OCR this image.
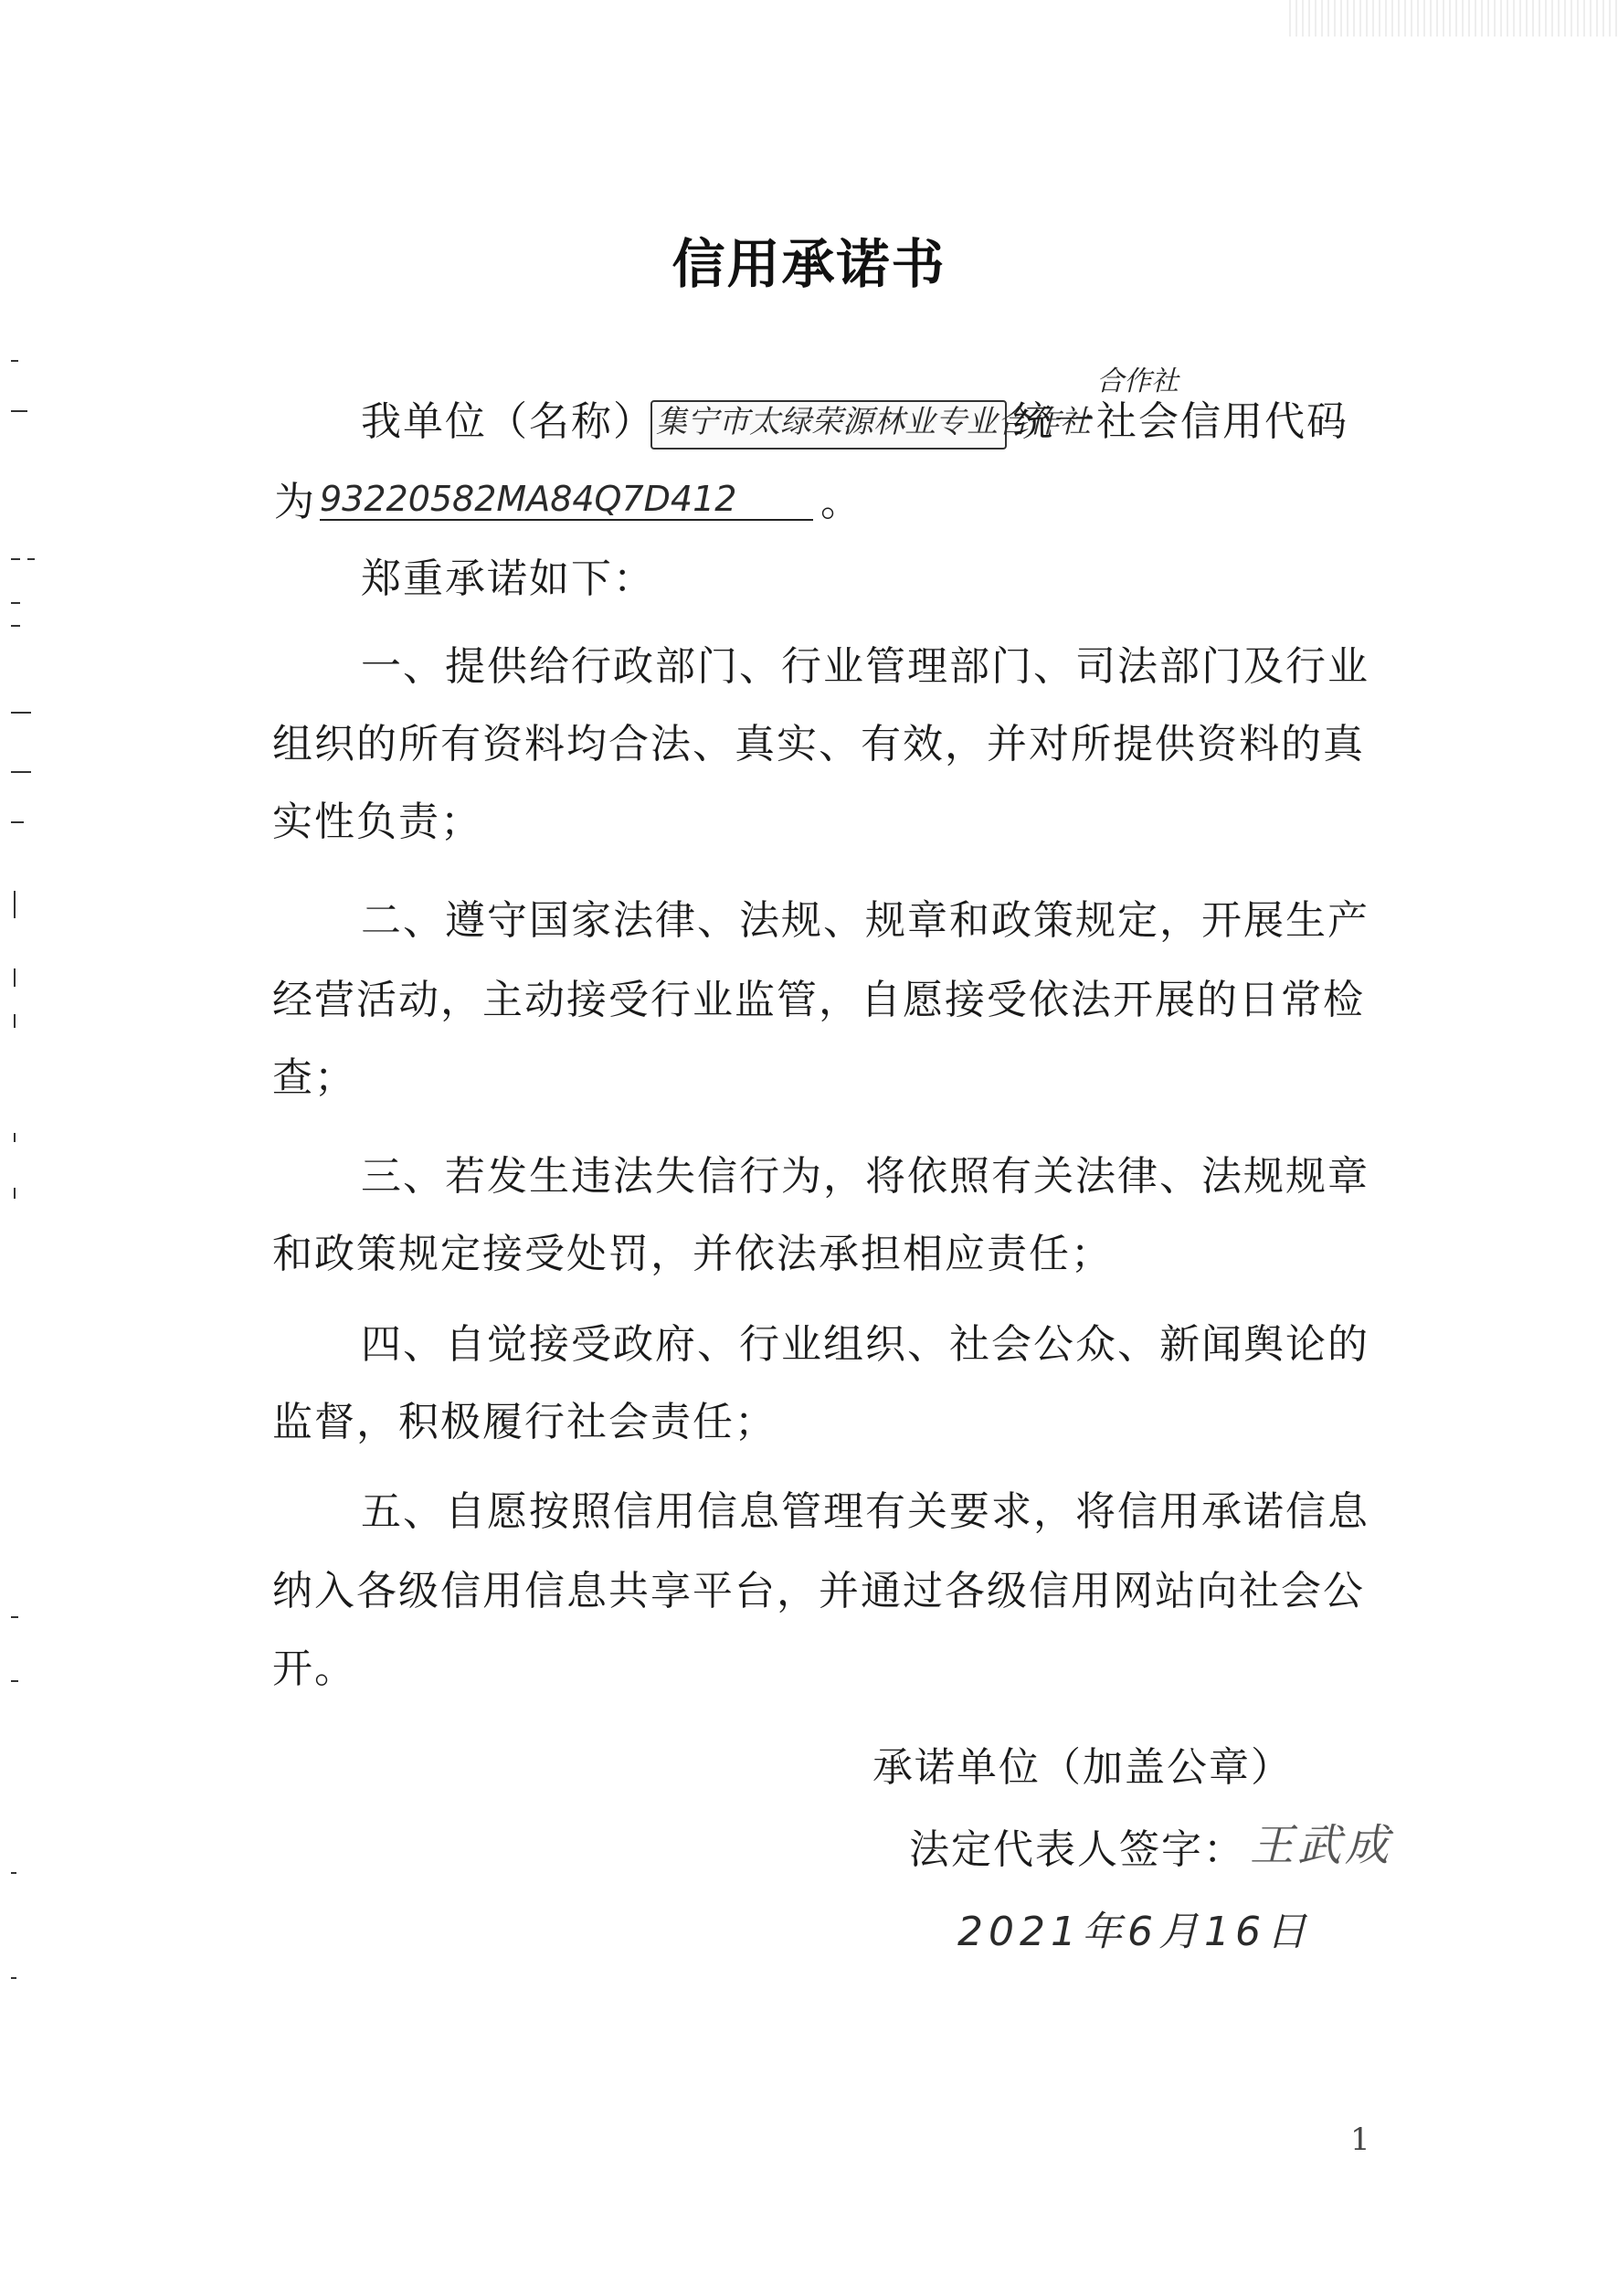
信用承诺书
我单位（名称） 集宁市太绿荣源林业专业合作社
合作社
统一社会信用代码
为 93220582MA84Q7D412 。
郑重承诺如下：
一、提供给行政部门、行业管理部门、司法部门及行业
组织的所有资料均合法、真实、有效，并对所提供资料的真
实性负责；
二、遵守国家法律、法规、规章和政策规定，开展生产
经营活动，主动接受行业监管，自愿接受依法开展的日常检
查；
三、若发生违法失信行为，将依照有关法律、法规规章
和政策规定接受处罚，并依法承担相应责任；
四、自觉接受政府、行业组织、社会公众、新闻舆论的
监督，积极履行社会责任；
五、自愿按照信用信息管理有关要求，将信用承诺信息
纳入各级信用信息共享平台，并通过各级信用网站向社会公
开。
承诺单位（加盖公章）
法定代表人签字： 王武成
2021年6月16日
1
